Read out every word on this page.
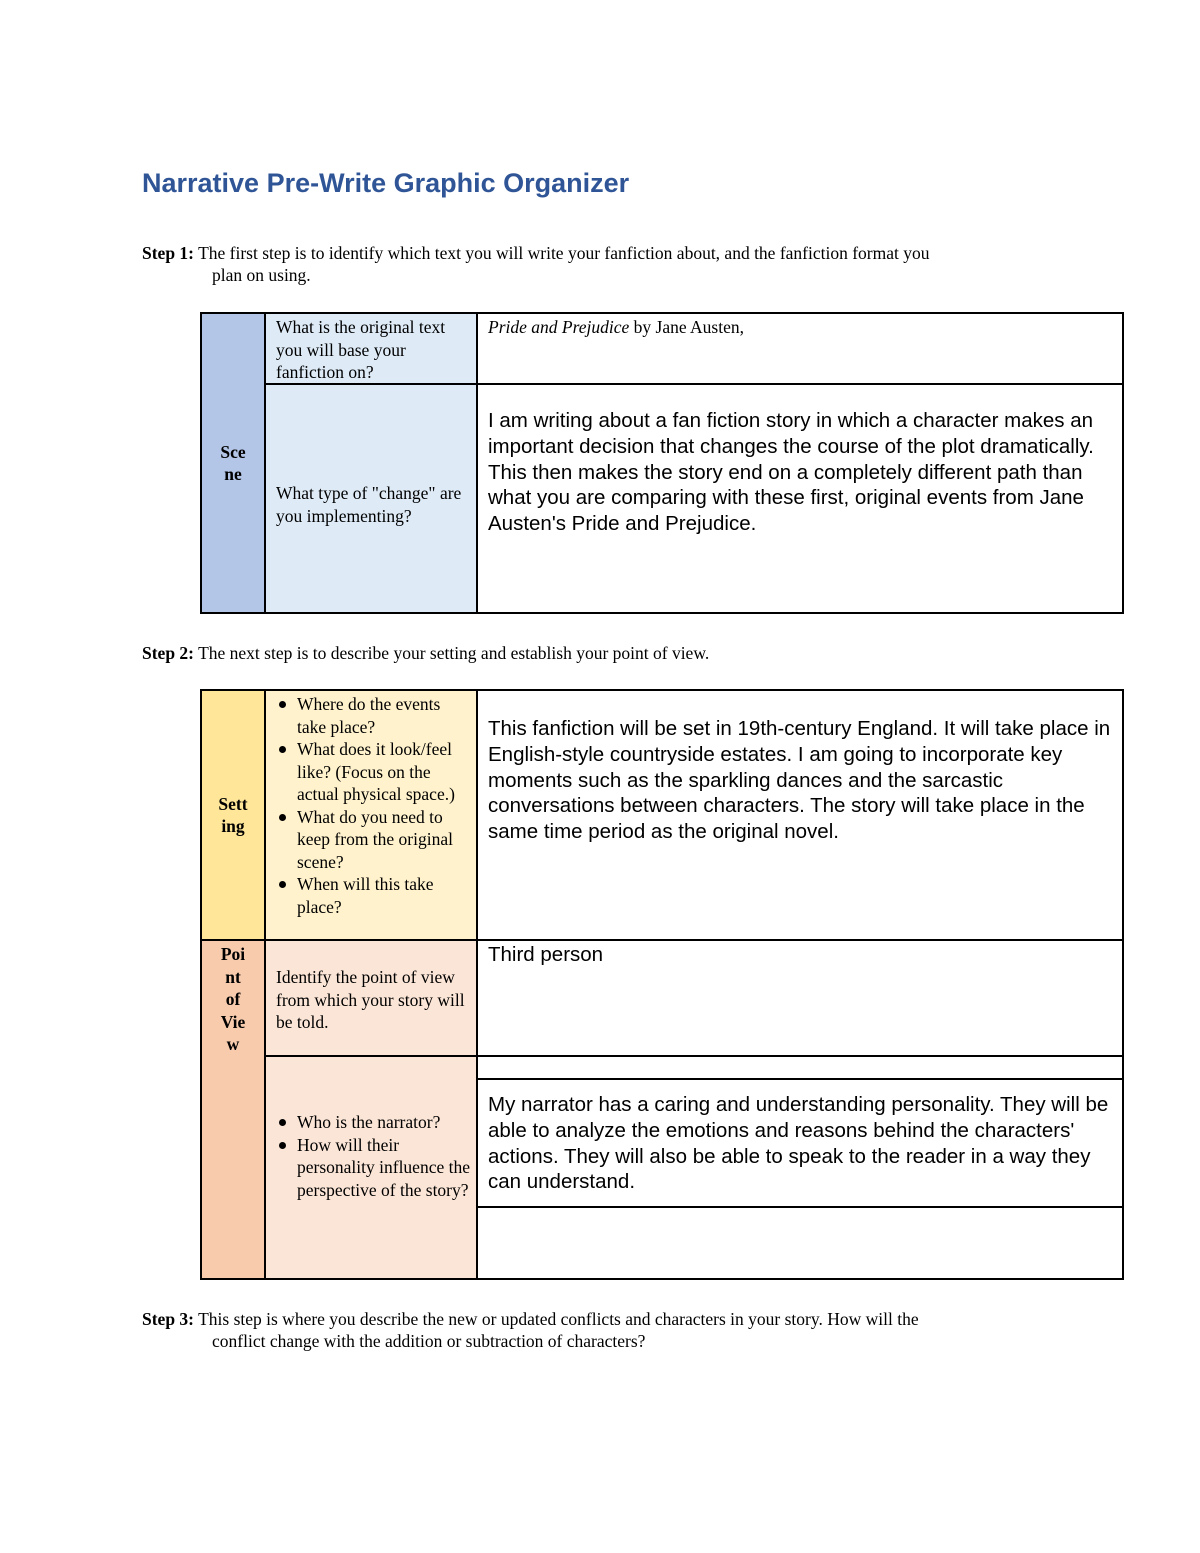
Narrative Pre-Write Graphic Organizer
Step 1: The first step is to identify which text you will write your fanfiction about, and the fanfiction format you
plan on using.
Scene
What is the original text you will base your fanfiction on?
Pride and Prejudice by Jane Austen,
What type of "change" are you implementing?
I am writing about a fan fiction story in which a character makes an important decision that changes the course of the plot dramatically. This then makes the story end on a completely different path than what you are comparing with these first, original events from Jane Austen's Pride and Prejudice.
Step 2: The next step is to describe your setting and establish your point of view.
Setting
Point of View
Where do the events take place?
What does it look/feel like? (Focus on the actual physical space.)
What do you need to keep from the original scene?
When will this take place?
This fanfiction will be set in 19th-century England. It will take place in English-style countryside estates. I am going to incorporate key moments such as the sparkling dances and the sarcastic conversations between characters. The story will take place in the same time period as the original novel.
Identify the point of view from which your story will be told.
Third person
Who is the narrator?
How will their personality influence the perspective of the story?
My narrator has a caring and understanding personality. They will be able to analyze the emotions and reasons behind the characters' actions. They will also be able to speak to the reader in a way they can understand.
Step 3: This step is where you describe the new or updated conflicts and characters in your story. How will the
conflict change with the addition or subtraction of characters?
